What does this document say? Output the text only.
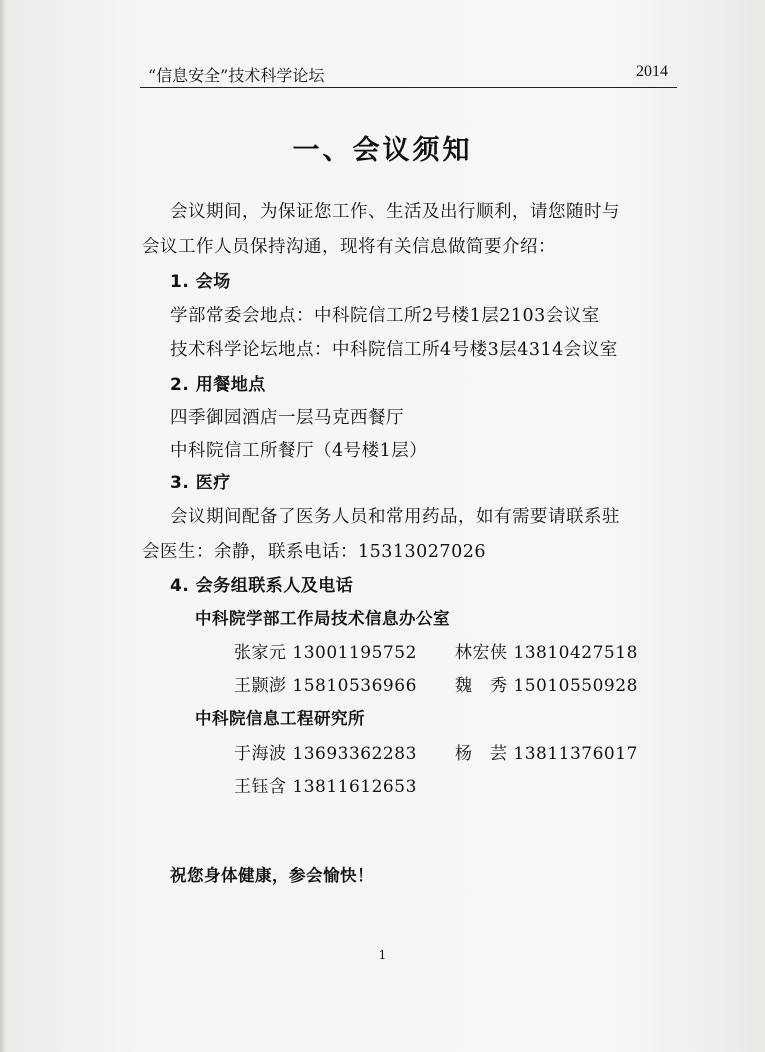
“信息安全”技术科学论坛	2014
一、会议须知
会议期间，为保证您工作、生活及出行顺利，请您随时与
会议工作人员保持沟通，现将有关信息做简要介绍：
1. 会场
学部常委会地点：中科院信工所2号楼1层2103会议室
技术科学论坛地点：中科院信工所4号楼3层4314会议室
2. 用餐地点
四季御园酒店一层马克西餐厅
中科院信工所餐厅（4号楼1层）
3. 医疗
会议期间配备了医务人员和常用药品，如有需要请联系驻
会医生：余静，联系电话：15313027026
4. 会务组联系人及电话
中科院学部工作局技术信息办公室
张家元 13001195752 林宏侠 13810427518
王颢澎 15810536966 魏　秀 15010550928
中科院信息工程研究所
于海波 13693362283 杨　芸 13811376017
王钰含 13811612653
祝您身体健康，参会愉快！
1
